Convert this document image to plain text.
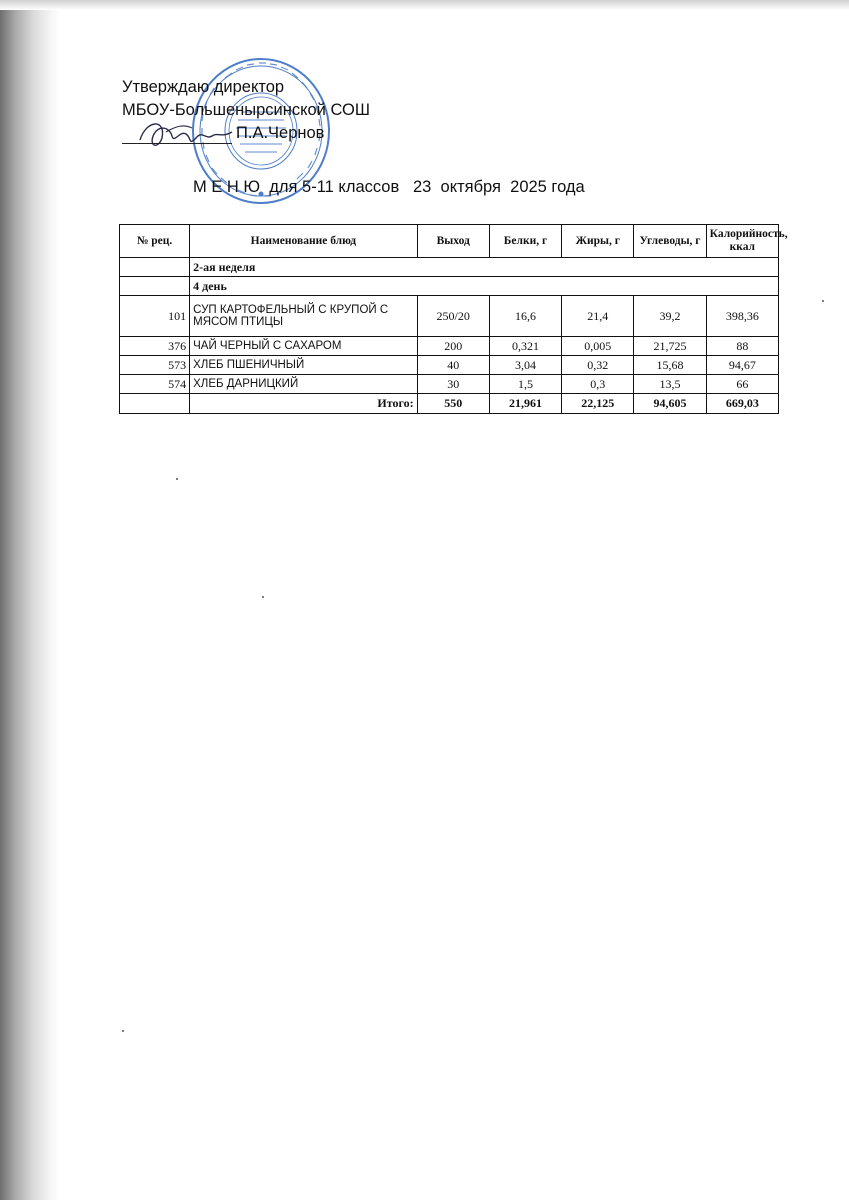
Утверждаю директор
МБОУ-Большенырсинской СОШ
П.А.Чернов
М Е Н Ю  для 5-11 классов   23  октября  2025 года
№ рец.	Наименование блюд	Выход	Белки, г	Жиры, г	Углеводы, г	Калорийность, ккал
	2-ая неделя					
	4 день					
101	СУП КАРТОФЕЛЬНЫЙ С КРУПОЙ С МЯСОМ ПТИЦЫ	250/20	16,6	21,4	39,2	398,36
376	ЧАЙ ЧЕРНЫЙ С САХАРОМ	200	0,321	0,005	21,725	88
573	ХЛЕБ ПШЕНИЧНЫЙ	40	3,04	0,32	15,68	94,67
574	ХЛЕБ ДАРНИЦКИЙ	30	1,5	0,3	13,5	66
	Итого:	550	21,961	22,125	94,605	669,03
